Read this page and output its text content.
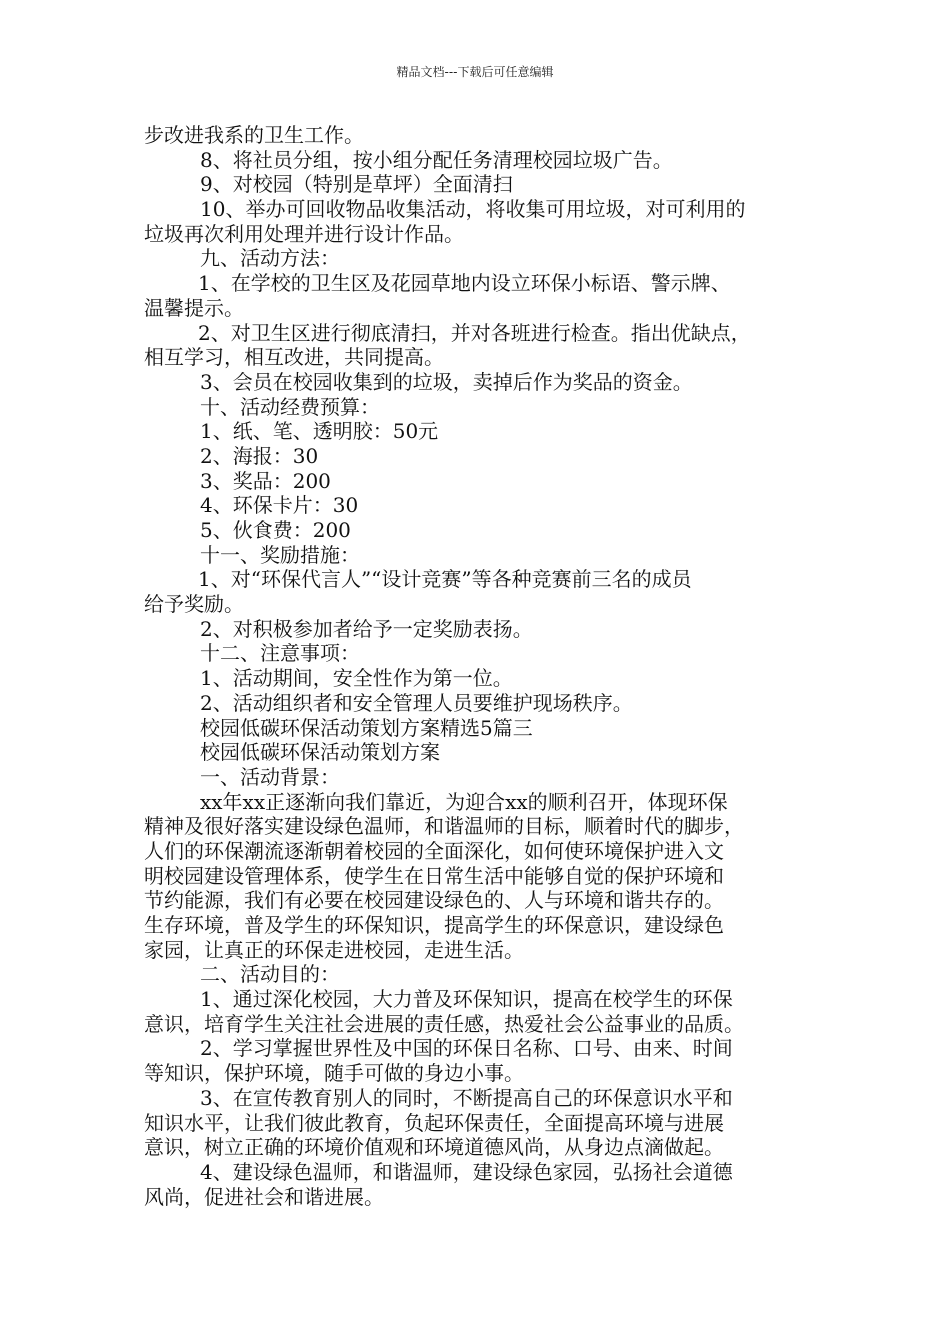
精品文档---下载后可任意编辑
步改进我系的卫生工作。
8、将社员分组，按小组分配任务清理校园垃圾广告。
9、对校园（特别是草坪）全面清扫
10、举办可回收物品收集活动，将收集可用垃圾，对可利用的
垃圾再次利用处理并进行设计作品。
九、活动方法：
1、在学校的卫生区及花园草地内设立环保小标语、警示牌、
温馨提示。
2、对卫生区进行彻底清扫，并对各班进行检查。指出优缺点，
相互学习，相互改进，共同提高。
3、会员在校园收集到的垃圾，卖掉后作为奖品的资金。
十、活动经费预算：
1、纸、笔、透明胶：50元
2、海报：30
3、奖品：200
4、环保卡片：30
5、伙食费：200
十一、奖励措施：
1、对“环保代言人”“设计竞赛”等各种竞赛前三名的成员
给予奖励。
2、对积极参加者给予一定奖励表扬。
十二、注意事项：
1、活动期间，安全性作为第一位。
2、活动组织者和安全管理人员要维护现场秩序。
校园低碳环保活动策划方案精选5篇三
校园低碳环保活动策划方案
一、活动背景：
xx年xx正逐渐向我们靠近，为迎合xx的顺利召开，体现环保
精神及很好落实建设绿色温师，和谐温师的目标，顺着时代的脚步，
人们的环保潮流逐渐朝着校园的全面深化，如何使环境保护进入文
明校园建设管理体系，使学生在日常生活中能够自觉的保护环境和
节约能源，我们有必要在校园建设绿色的、人与环境和谐共存的。
生存环境，普及学生的环保知识，提高学生的环保意识，建设绿色
家园，让真正的环保走进校园，走进生活。
二、活动目的：
1、通过深化校园，大力普及环保知识，提高在校学生的环保
意识，培育学生关注社会进展的责任感，热爱社会公益事业的品质。
2、学习掌握世界性及中国的环保日名称、口号、由来、时间
等知识，保护环境，随手可做的身边小事。
3、在宣传教育别人的同时，不断提高自己的环保意识水平和
知识水平，让我们彼此教育，负起环保责任，全面提高环境与进展
意识，树立正确的环境价值观和环境道德风尚，从身边点滴做起。
4、建设绿色温师，和谐温师，建设绿色家园，弘扬社会道德
风尚，促进社会和谐进展。
